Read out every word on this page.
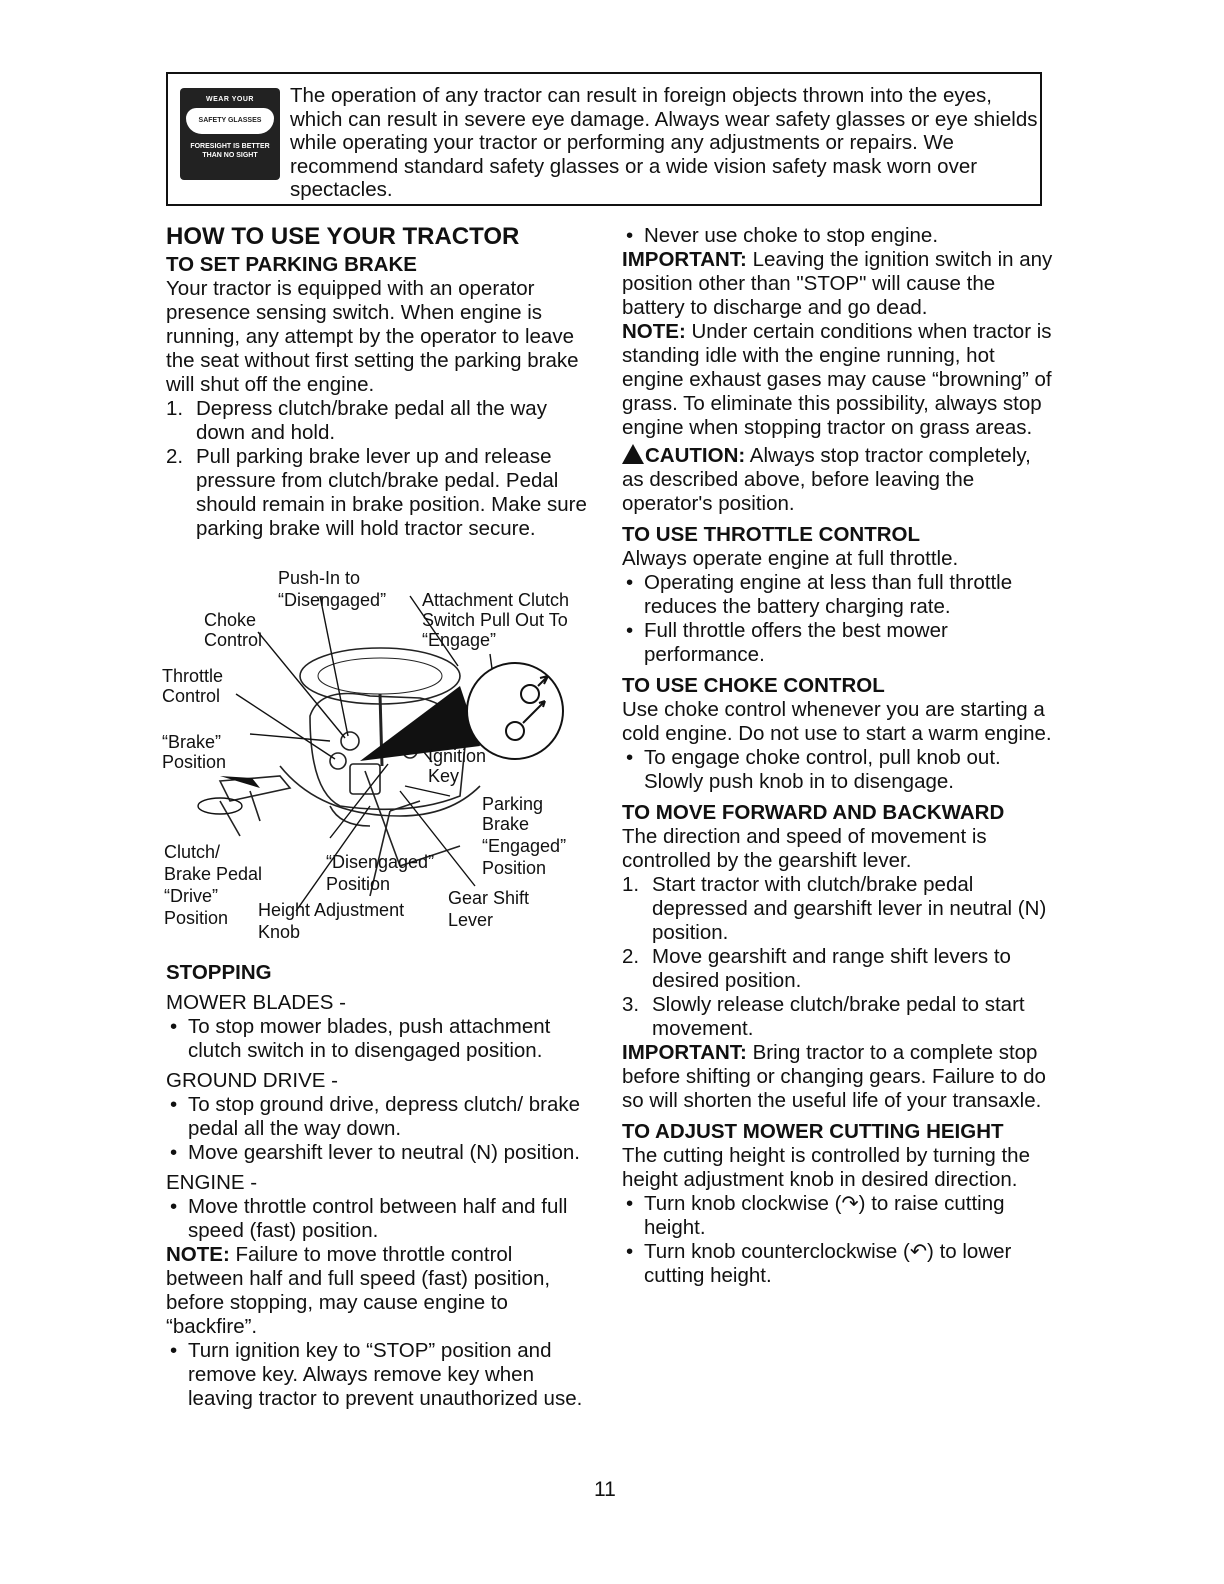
WEAR YOUR
SAFETY GLASSES
FORESIGHT IS BETTER
THAN NO SIGHT
The operation of any tractor can result in foreign objects thrown into the eyes, which can result in severe eye damage. Always wear safety glasses or eye shields while operating your tractor or performing any adjustments or repairs. We recommend standard safety glasses or a wide vision safety mask worn over spectacles.

HOW TO USE YOUR TRACTOR

TO SET PARKING BRAKE

Your tractor is equipped with an operator presence sensing switch. When engine is running, any attempt by the operator to leave the seat without first setting the parking brake will shut off the engine.

1. Depress clutch/brake pedal all the way down and hold.

2. Pull parking brake lever up and release pressure from clutch/brake pedal. Pedal should remain in brake position. Make sure parking brake will hold tractor secure.

Push-In to
“Disengaged” Attachment Clutch
Switch Pull Out To
“Engage”
Choke
Control
Throttle
Control
“Brake”
Position	Ignition
Key
Parking
Brake
“Engaged”
Position
Clutch/
Brake Pedal
“Drive”
Position
“Disengaged”
Position
Height Adjustment
Knob
Gear Shift
Lever

STOPPING

MOWER BLADES -

• To stop mower blades, push attachment clutch switch in to disengaged position.

GROUND DRIVE -

• To stop ground drive, depress clutch/ brake pedal all the way down.

• Move gearshift lever to neutral (N) position.

ENGINE -

• Move throttle control between half and full speed (fast) position.

NOTE: Failure to move throttle control between half and full speed (fast) position, before stopping, may cause engine to “backfire”.

• Turn ignition key to “STOP” position and remove key. Always remove key when leaving tractor to prevent unauthorized use.

• Never use choke to stop engine.

IMPORTANT: Leaving the ignition switch in any position other than "STOP" will cause the battery to discharge and go dead.

NOTE: Under certain conditions when tractor is standing idle with the engine running, hot engine exhaust gases may cause “browning” of grass. To eliminate this possibility, always stop engine when stopping tractor on grass areas.

CAUTION: Always stop tractor completely, as described above, before leaving the operator's position.

TO USE THROTTLE CONTROL

Always operate engine at full throttle.

• Operating engine at less than full throttle reduces the battery charging rate.

• Full throttle offers the best mower performance.

TO USE CHOKE CONTROL

Use choke control whenever you are starting a cold engine. Do not use to start a warm engine.

• To engage choke control, pull knob out. Slowly push knob in to disengage.

TO MOVE FORWARD AND BACKWARD

The direction and speed of movement is controlled by the gearshift lever.

1. Start tractor with clutch/brake pedal depressed and gearshift lever in neutral (N) position.

2. Move gearshift and range shift levers to desired position.

3. Slowly release clutch/brake pedal to start movement.

IMPORTANT: Bring tractor to a complete stop before shifting or changing gears. Failure to do so will shorten the useful life of your transaxle.

TO ADJUST MOWER CUTTING HEIGHT

The cutting height is controlled by turning the height adjustment knob in desired direction.

• Turn knob clockwise (↷) to raise cutting height.

• Turn knob counterclockwise (↶) to lower cutting height.

11
